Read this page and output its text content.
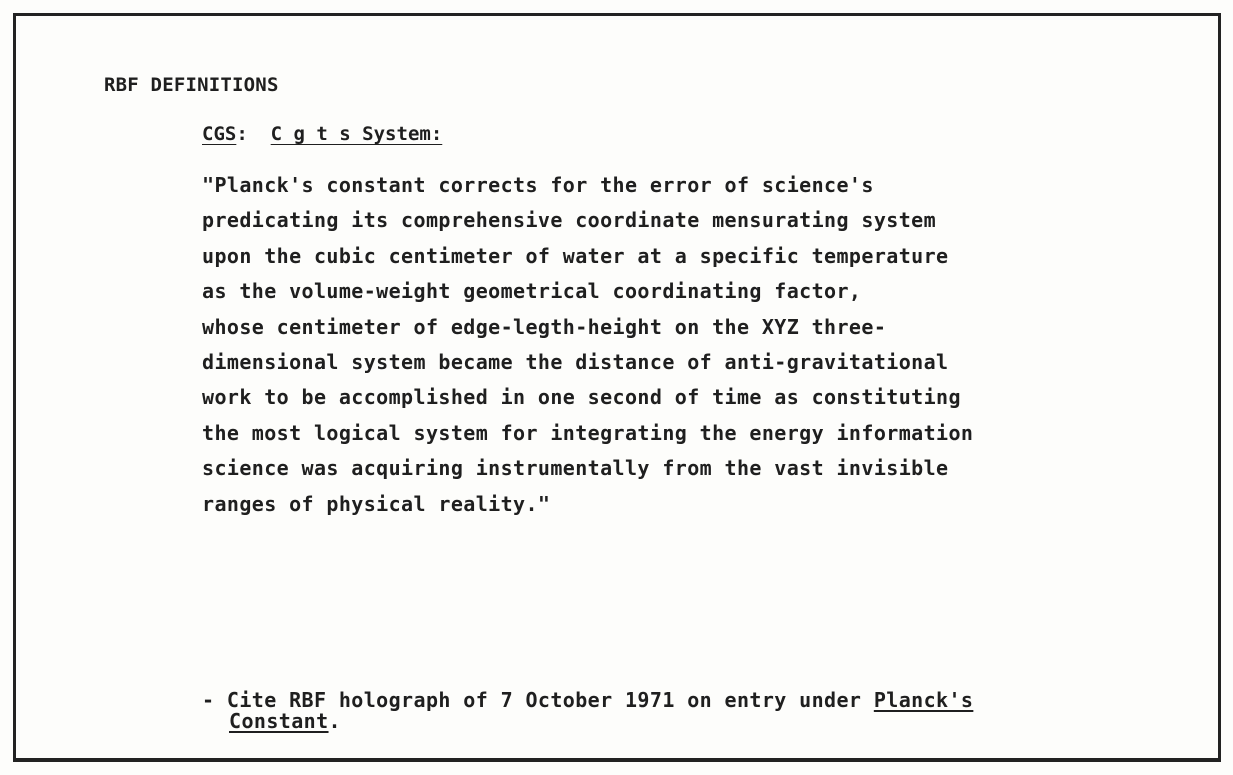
RBF DEFINITIONS
CGS: C g t s System:
"Planck's constant corrects for the error of science's
predicating its comprehensive coordinate mensurating system
upon the cubic centimeter of water at a specific temperature
as the volume-weight geometrical coordinating factor,
whose centimeter of edge-legth-height on the XYZ three-
dimensional system became the distance of anti-gravitational
work to be accomplished in one second of time as constituting
the most logical system for integrating the energy information
science was acquiring instrumentally from the vast invisible
ranges of physical reality."
- Cite RBF holograph of 7 October 1971 on entry under Planck's
Constant.
